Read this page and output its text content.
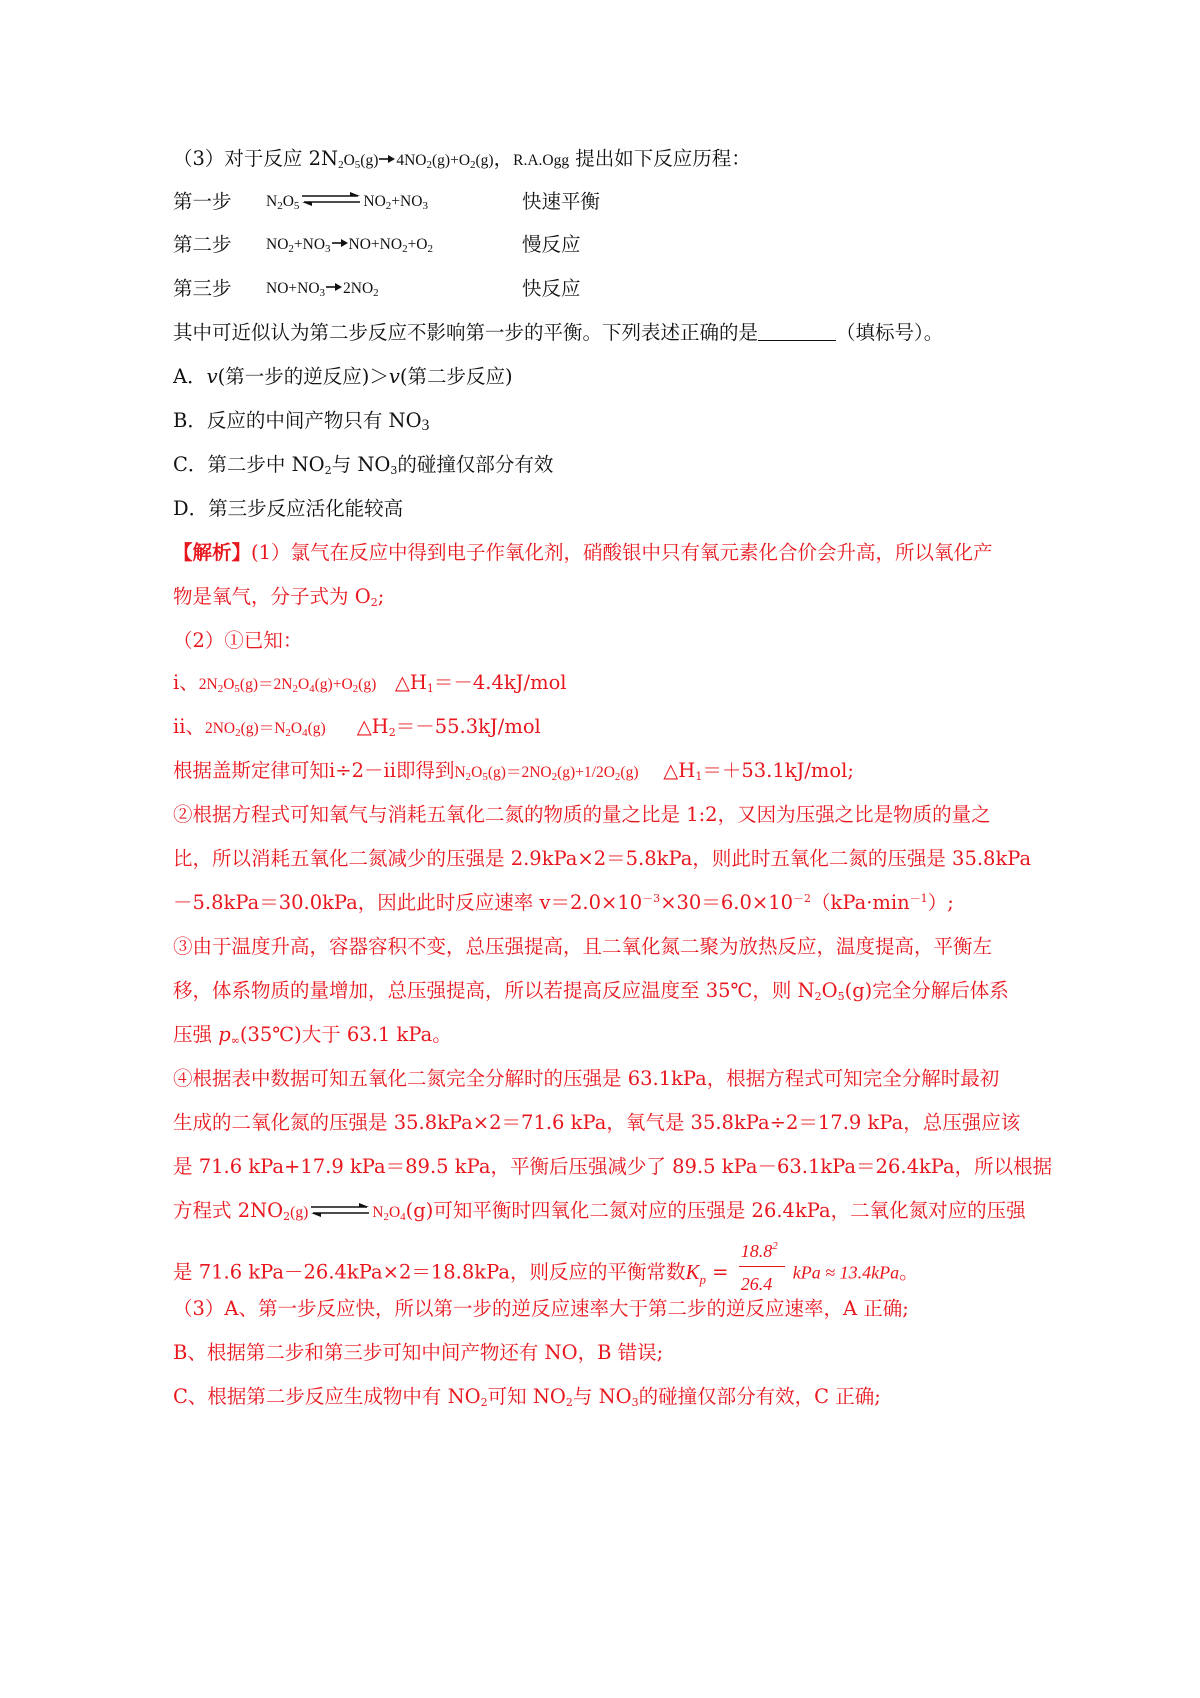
（3）对于反应 $2N_2O_5(g)$ $4NO_2(g)+O_2(g)$，R.A.Ogg 提出如下反应历程：
第一步 $N_2O_5\rightleftharpoons NO_2+NO_3$	快速平衡
第二步 $NO_2+NO_3$ $NO+NO_2+O_2$	慢反应
第三步 $NO+NO_3$ $2NO_2$	快反应
其中可近似认为第二步反应不影响第一步的平衡。下列表述正确的是	（填标号）。
A．v(第一步的逆反应)＞v(第二步反应)
B．反应的中间产物只有 $NO_3$
C．第二步中 $NO_2$与 $NO_3$的碰撞仅部分有效
D．第三步反应活化能较高
【解析】(1）氯气在反应中得到电子作氧化剂，硝酸银中只有氧元素化合价会升高，所以氧化产
物是氧气，分子式为 $O_2$;
（2）①已知：
ⅰ、$2N_2O_5(g)=2N_2O_4(g)+O_2(g)$ $\triangle H_1=-4.4kJ$/mol
ⅱ、$2NO_2(g)=N_2O_4(g)$ $\triangle H_2=-55.3kJ$/mol
根据盖斯定律可知ⅰ÷2－ⅱ即得到$N_2O_5(g)=2NO_2(g)+1/2O_2(g)$ $\triangle H_1=+53.1kJ$/mol;
②根据方程式可知氧气与消耗五氧化二氮的物质的量之比是 1:2，又因为压强之比是物质的量之
比，所以消耗五氧化二氮减少的压强是 2.9kPa×2＝5.8kPa，则此时五氧化二氮的压强是 35.8kPa
－5.8kPa＝30.0kPa，因此此时反应速率 $v=2.0\times 10^{-3}\times 30=6.0\times 10^{-2}(kPa\cdot\min^{-1})$;
③由于温度升高，容器容积不变，总压强提高，且二氧化氮二聚为放热反应，温度提高，平衡左
移，体系物质的量增加，总压强提高，所以若提高反应温度至 35℃，则 $N_2O_5(g)$完全分解后体系
压强 $p_\infty(35℃)$大于 63.1 kPa。
④根据表中数据可知五氧化二氮完全分解时的压强是 63.1kPa，根据方程式可知完全分解时最初
生成的二氧化氮的压强是 35.8kPa×2＝71.6 kPa，氧气是 35.8kPa÷2＝17.9 kPa，总压强应该
是 71.6 kPa+17.9 kPa＝89.5 kPa，平衡后压强减少了 89.5 kPa－63.1kPa＝26.4kPa，所以根据
方程式 $2NO_2(g)\rightleftharpoons N_2O_4(g)$可知平衡时四氧化二氮对应的压强是 26.4kPa，二氧化氮对应的压强
是 71.6 kPa－26.4kPa×2＝18.8kPa，则反应的平衡常数$K_p = \frac{18.8^2}{26.4}$ kPa ≈ 13.4kPa。
（3）A、第一步反应快，所以第一步的逆反应速率大于第二步的逆反应速率，A 正确;
B、根据第二步和第三步可知中间产物还有 NO，B 错误;
C、根据第二步反应生成物中有 $NO_2$可知 $NO_2$与 $NO_3$的碰撞仅部分有效，C 正确;
